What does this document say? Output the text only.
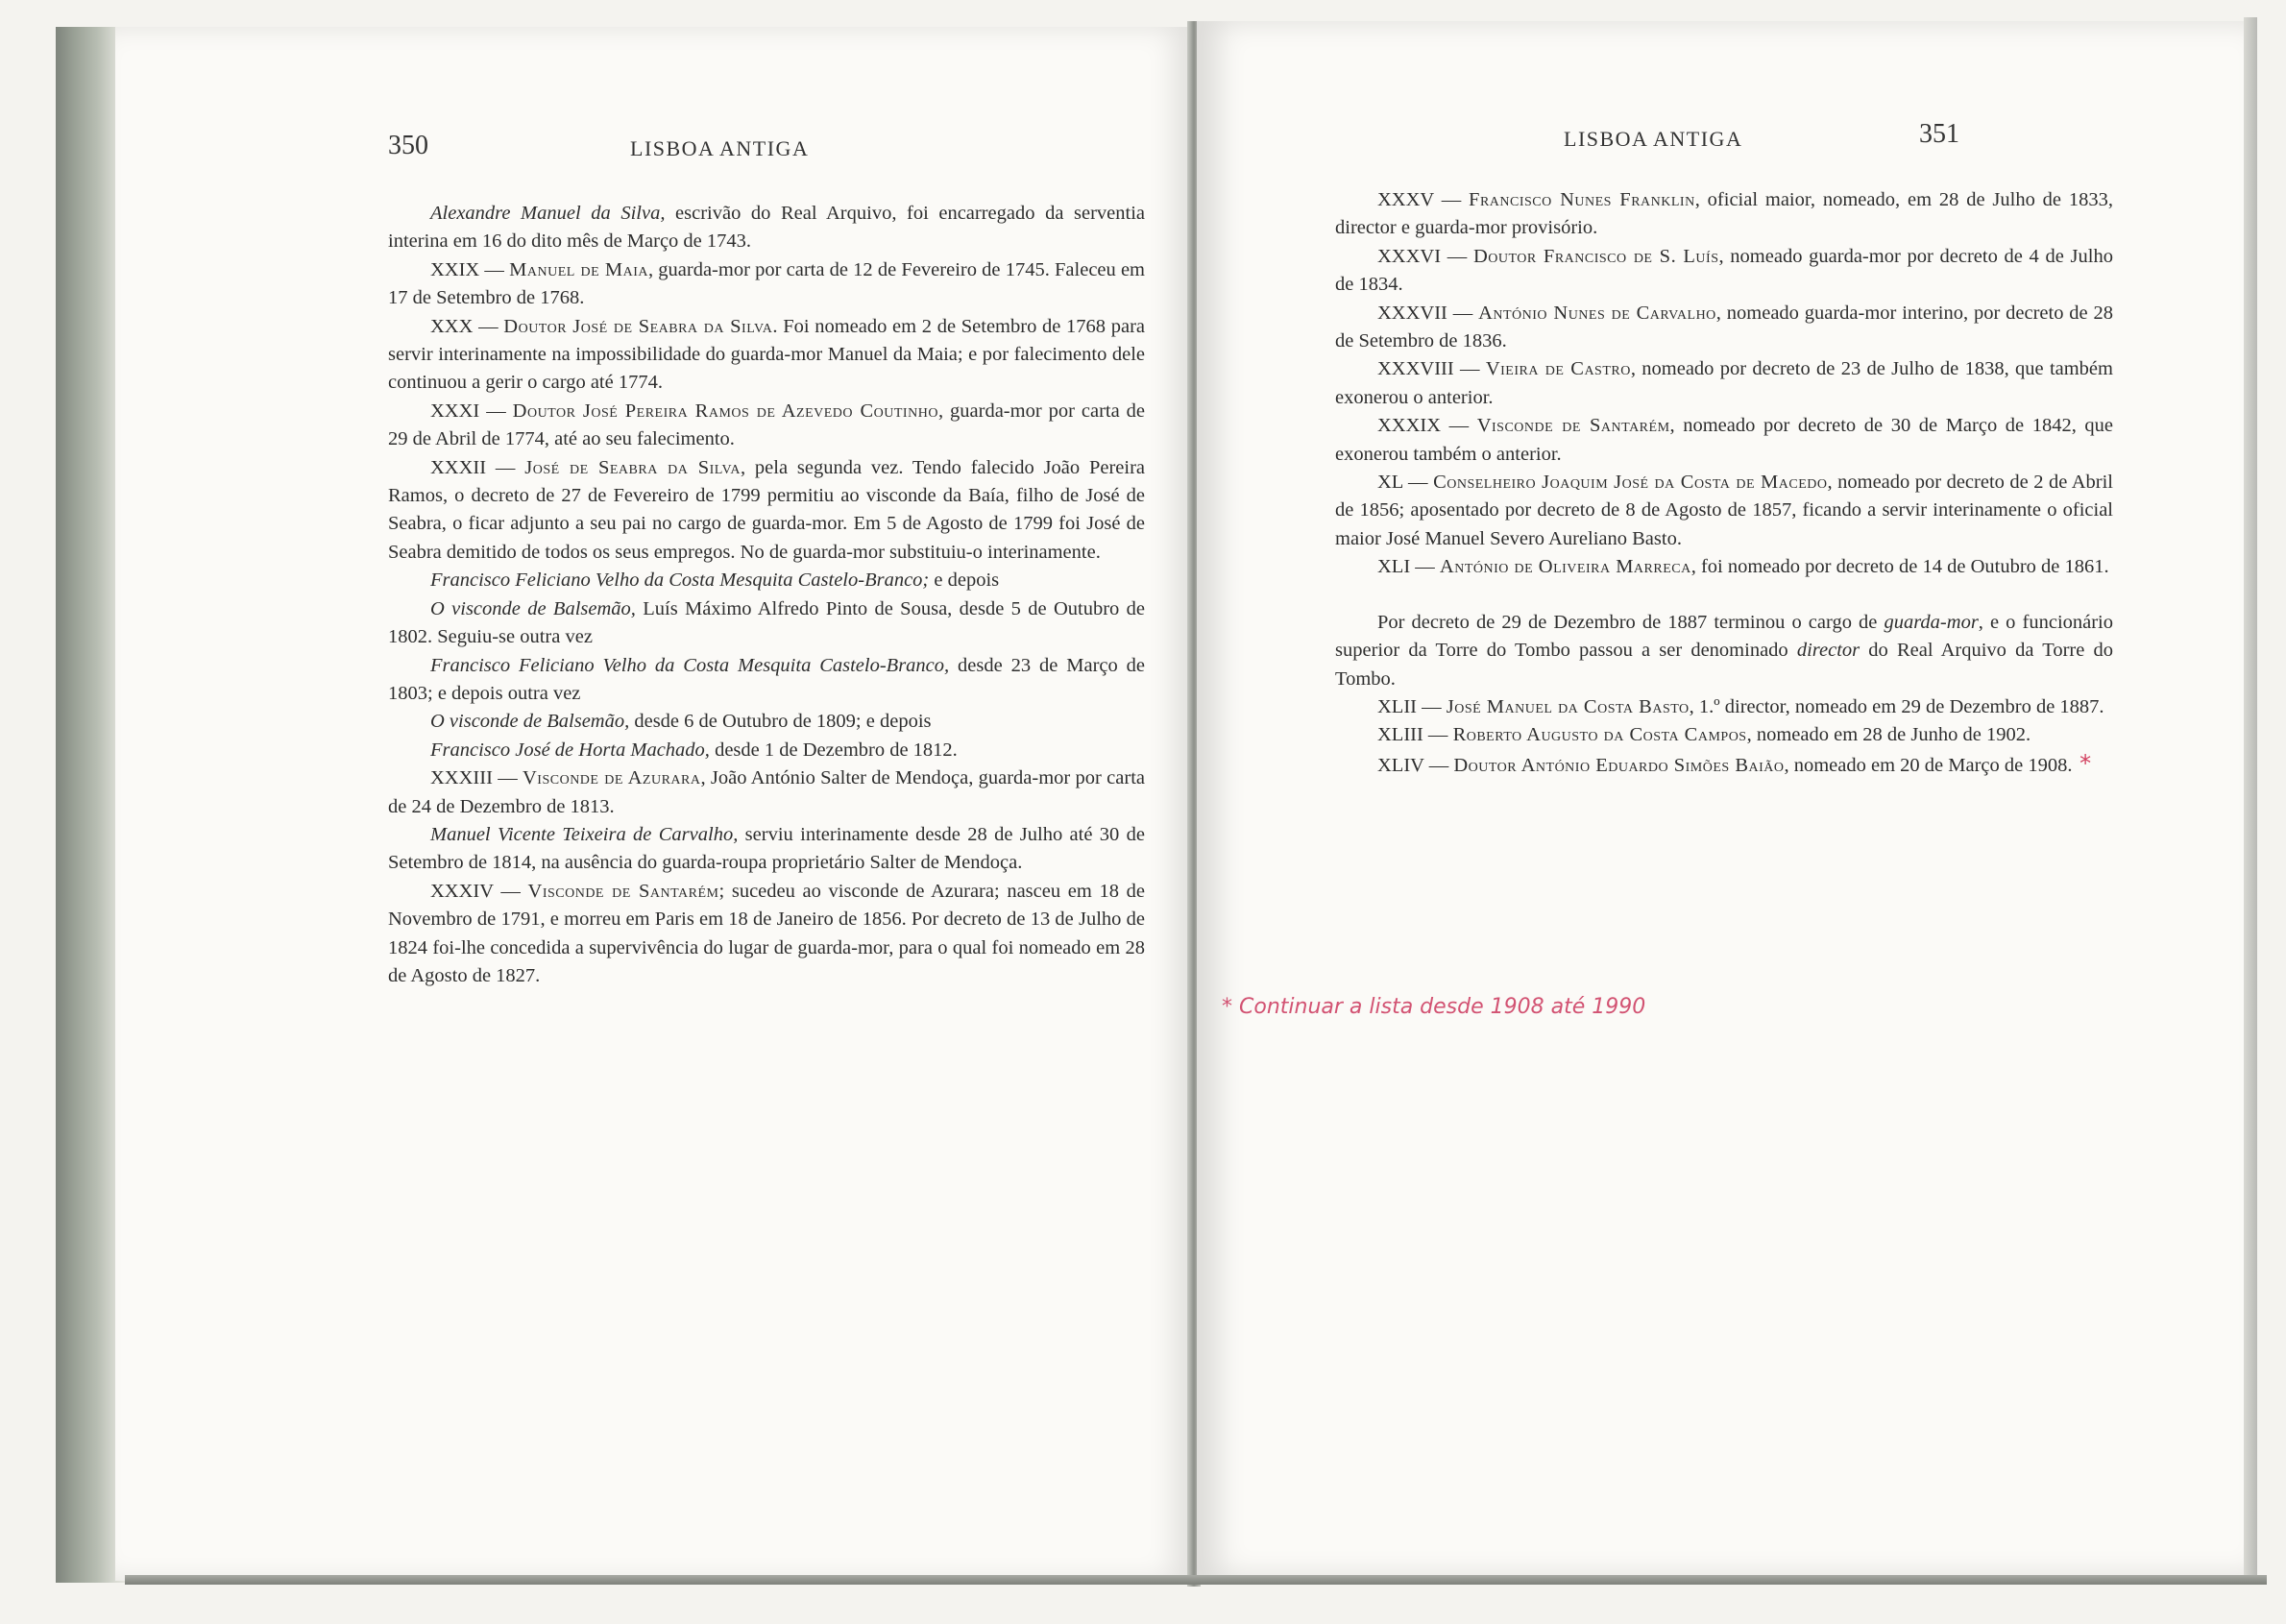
350	LISBOA ANTIGA

Alexandre Manuel da Silva, escrivão do Real Arquivo, foi encarregado da serventia interina em 16 do dito mês de Março de 1743.

XXIX — Manuel de Maia, guarda-mor por carta de 12 de Fevereiro de 1745. Faleceu em 17 de Setembro de 1768.

XXX — Doutor José de Seabra da Silva. Foi nomeado em 2 de Setembro de 1768 para servir interinamente na impossibilidade do guarda-mor Manuel da Maia; e por falecimento dele continuou a gerir o cargo até 1774.

XXXI — Doutor José Pereira Ramos de Azevedo Coutinho, guarda-mor por carta de 29 de Abril de 1774, até ao seu falecimento.

XXXII — José de Seabra da Silva, pela segunda vez. Tendo falecido João Pereira Ramos, o decreto de 27 de Fevereiro de 1799 permitiu ao visconde da Baía, filho de José de Seabra, o ficar adjunto a seu pai no cargo de guarda-mor. Em 5 de Agosto de 1799 foi José de Seabra demitido de todos os seus empregos. No de guarda-mor substituiu-o interinamente.

Francisco Feliciano Velho da Costa Mesquita Castelo-Branco; e depois

O visconde de Balsemão, Luís Máximo Alfredo Pinto de Sousa, desde 5 de Outubro de 1802. Seguiu-se outra vez

Francisco Feliciano Velho da Costa Mesquita Castelo-Branco, desde 23 de Março de 1803; e depois outra vez

O visconde de Balsemão, desde 6 de Outubro de 1809; e depois

Francisco José de Horta Machado, desde 1 de Dezembro de 1812.

XXXIII — Visconde de Azurara, João António Salter de Mendoça, guarda-mor por carta de 24 de Dezembro de 1813.

Manuel Vicente Teixeira de Carvalho, serviu interinamente desde 28 de Julho até 30 de Setembro de 1814, na ausência do guarda-roupa proprietário Salter de Mendoça.

XXXIV — Visconde de Santarém; sucedeu ao visconde de Azurara; nasceu em 18 de Novembro de 1791, e morreu em Paris em 18 de Janeiro de 1856. Por decreto de 13 de Julho de 1824 foi-lhe concedida a supervivência do lugar de guarda-mor, para o qual foi nomeado em 28 de Agosto de 1827.

LISBOA ANTIGA	351

XXXV — Francisco Nunes Franklin, oficial maior, nomeado, em 28 de Julho de 1833, director e guarda-mor provisório.

XXXVI — Doutor Francisco de S. Luís, nomeado guarda-mor por decreto de 4 de Julho de 1834.

XXXVII — António Nunes de Carvalho, nomeado guarda-mor interino, por decreto de 28 de Setembro de 1836.

XXXVIII — Vieira de Castro, nomeado por decreto de 23 de Julho de 1838, que também exonerou o anterior.

XXXIX — Visconde de Santarém, nomeado por decreto de 30 de Março de 1842, que exonerou também o anterior.

XL — Conselheiro Joaquim José da Costa de Macedo, nomeado por decreto de 2 de Abril de 1856; aposentado por decreto de 8 de Agosto de 1857, ficando a servir interinamente o oficial maior José Manuel Severo Aureliano Basto.

XLI — António de Oliveira Marreca, foi nomeado por decreto de 14 de Outubro de 1861.

Por decreto de 29 de Dezembro de 1887 terminou o cargo de guarda-mor, e o funcionário superior da Torre do Tombo passou a ser denominado director do Real Arquivo da Torre do Tombo.

XLII — José Manuel da Costa Basto, 1.º director, nomeado em 29 de Dezembro de 1887.

XLIII — Roberto Augusto da Costa Campos, nomeado em 28 de Junho de 1902.

XLIV — Doutor António Eduardo Simões Baião, nomeado em 20 de Março de 1908. *

* Continuar a lista desde 1908 até 1990
